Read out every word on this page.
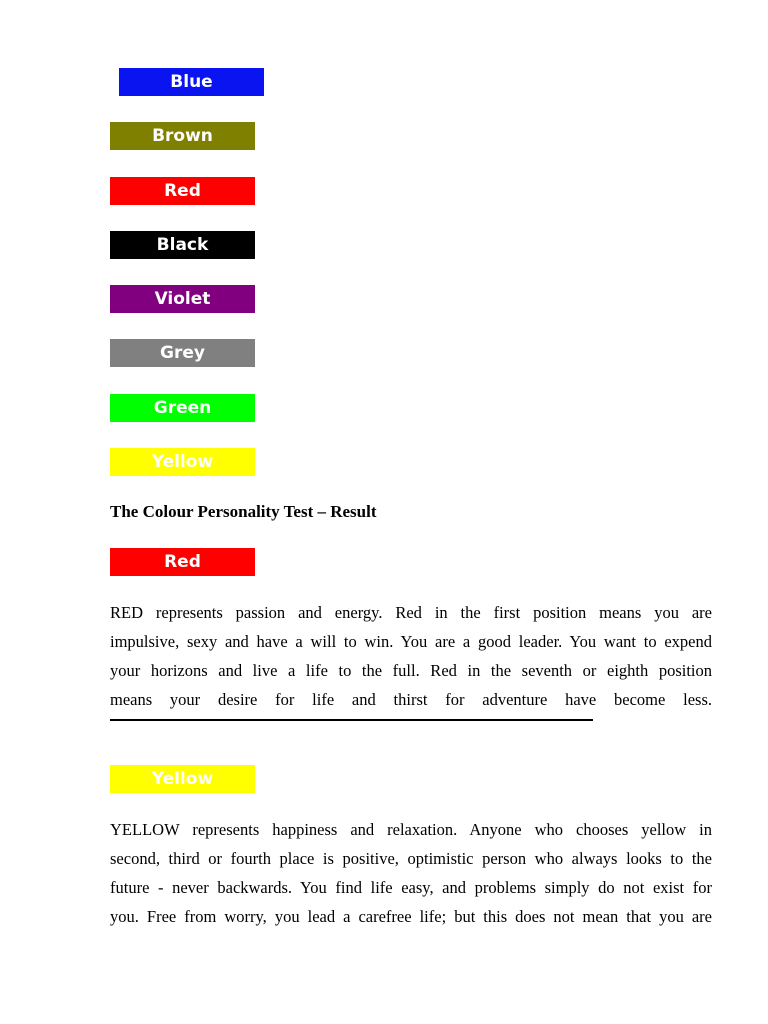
Blue
Brown
Red
Black
Violet
Grey
Green
Yellow
The Colour Personality Test – Result
Red
RED represents passion and energy. Red in the first position means you are
impulsive, sexy and have a will to win. You are a good leader. You want to expend
your horizons and live a life to the full. Red in the seventh or eighth position
means your desire for life and thirst for adventure have become less.
Yellow
YELLOW represents happiness and relaxation. Anyone who chooses yellow in
second, third or fourth place is positive, optimistic person who always looks to the
future - never backwards. You find life easy, and problems simply do not exist for
you. Free from worry, you lead a carefree life; but this does not mean that you are
